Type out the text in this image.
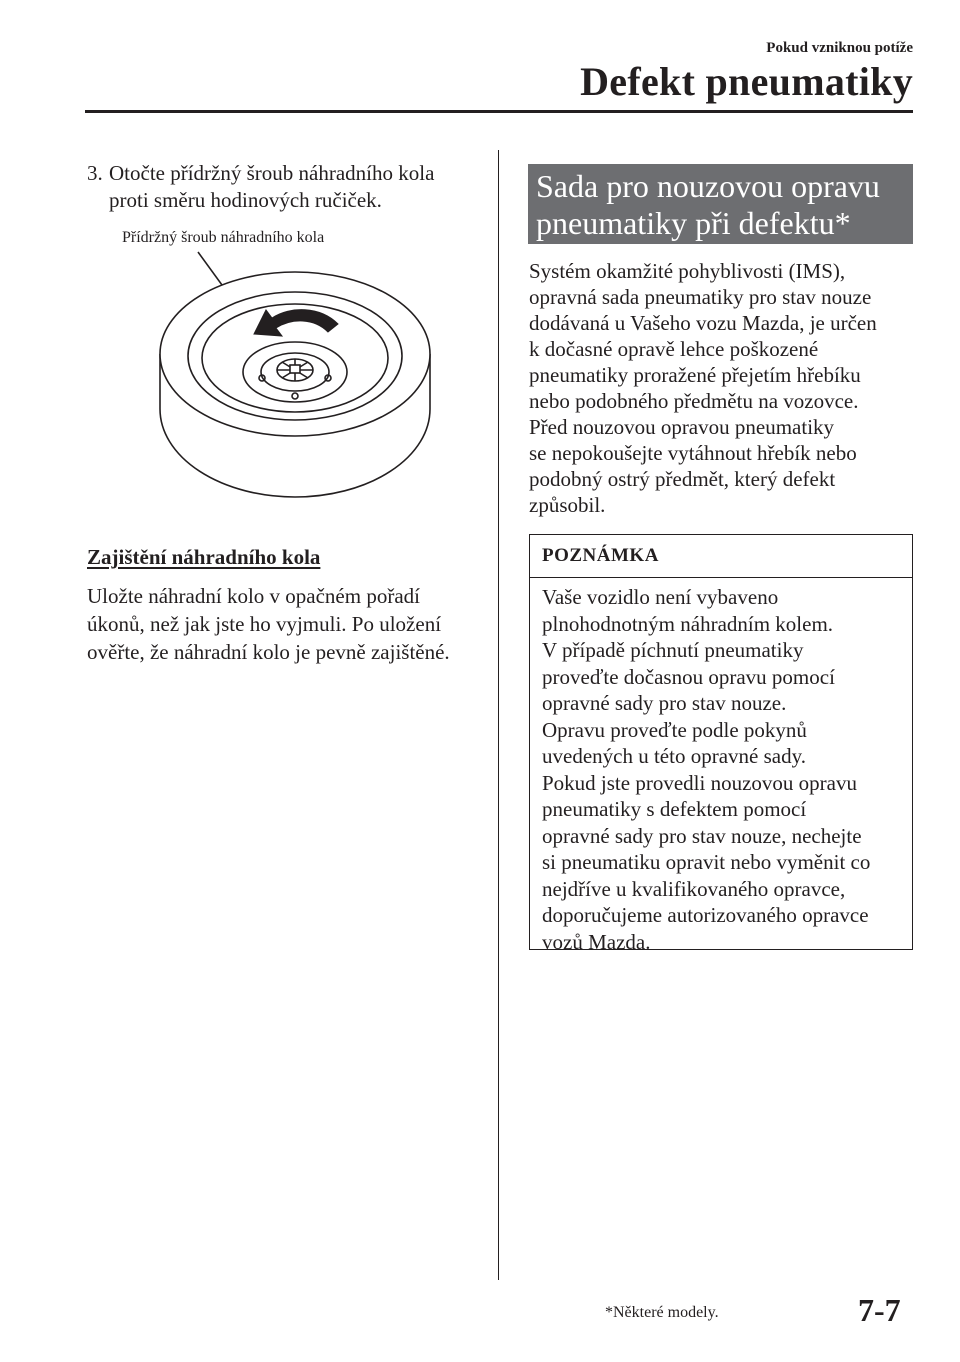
Pokud vzniknou potíže
Defekt pneumatiky
3. Otočte přídržný šroub náhradního kola
proti směru hodinových ručiček.
Přídržný šroub náhradního kola
Zajištění náhradního kola
Uložte náhradní kolo v opačném pořadí
úkonů, než jak jste ho vyjmuli. Po uložení
ověřte, že náhradní kolo je pevně zajištěné.
Sada pro nouzovou opravu
pneumatiky při defektu*
Systém okamžité pohyblivosti (IMS),
opravná sada pneumatiky pro stav nouze
dodávaná u Vašeho vozu Mazda, je určen
k dočasné opravě lehce poškozené
pneumatiky proražené přejetím hřebíku
nebo podobného předmětu na vozovce.
Před nouzovou opravou pneumatiky
se nepokoušejte vytáhnout hřebík nebo
podobný ostrý předmět, který defekt
způsobil.
POZNÁMKA
Vaše vozidlo není vybaveno
plnohodnotným náhradním kolem.
V případě píchnutí pneumatiky
proveďte dočasnou opravu pomocí
opravné sady pro stav nouze.
Opravu proveďte podle pokynů
uvedených u této opravné sady.
Pokud jste provedli nouzovou opravu
pneumatiky s defektem pomocí
opravné sady pro stav nouze, nechejte
si pneumatiku opravit nebo vyměnit co
nejdříve u kvalifikovaného opravce,
doporučujeme autorizovaného opravce
vozů Mazda.
*Některé modely.	7-7
